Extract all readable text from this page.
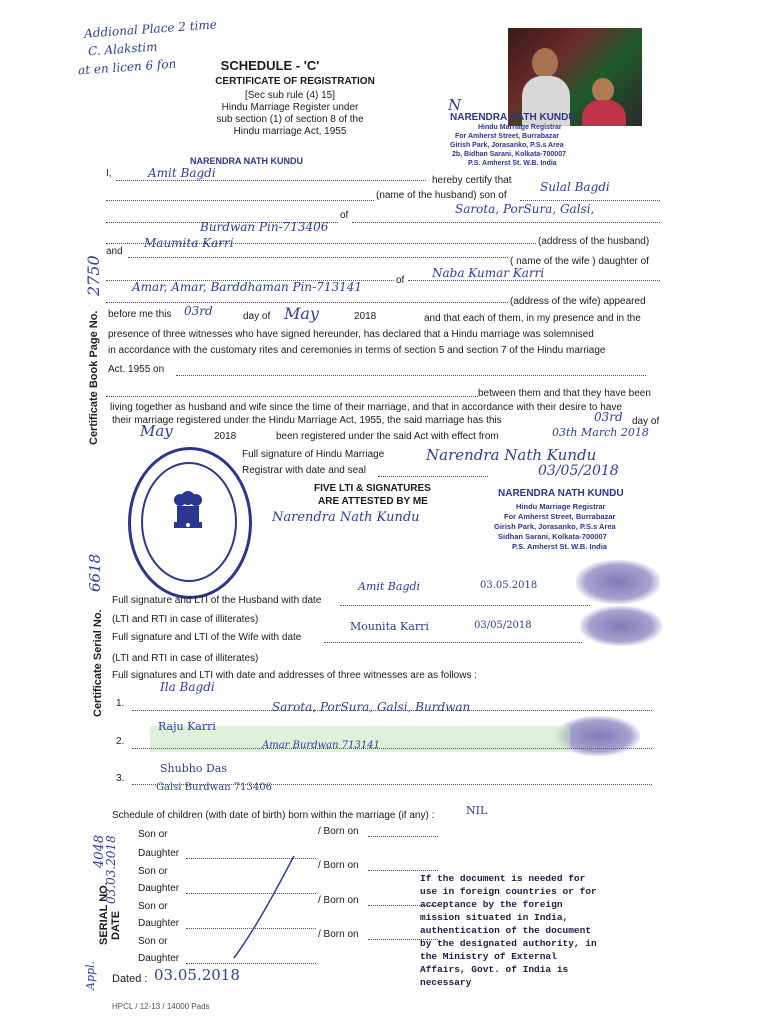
Addional Place 2 time
C. Alakstim
at en licen 6 fon	SCHEDULE - 'C'
CERTIFICATE OF REGISTRATION
[Sec sub rule (4) 15]
Hindu Marriage Register under
sub section (1) of section 8 of the
Hindu marriage Act, 1955
N
NARENDRA NATH KUNDU
Hindu Marriage Registrar
For Amherst Street, Burrabazar
Girish Park, Jorasanko, P.S.s Area
2b, Bidhan Sarani, Kolkata-700007
P.S. Amherst St. W.B. India
NARENDRA NATH KUNDU
I,	Amit Bagdi
hereby certify that Sulal Bagdi
(name of the husband) son of
of	Sarota, PorSura, Galsi,
Burdwan Pin-713406
(address of the husband)
and
Maumita Karri
( name of the wife ) daughter of
of
Naba Kumar Karri
Amar, Amar, Barddhaman Pin-713141
(address of the wife) appeared
before me this 03rd	day of May	2018	and that each of them, in my presence and in the
presence of three witnesses who have signed hereunder, has declared that a Hindu marriage was solemnised
in accordance with the customary rites and ceremonies in terms of section 5 and section 7 of the Hindu marriage
Act. 1955 on
between them and that they have been
living together as husband and wife since the time of their marriage, and that in accordance with their desire to have
their marriage registered under the Hindu Marriage Act, 1955, the said marriage has this	03rd day of
May	2018	been registered under the said Act with effect from	03th March 2018
Certificate Book Page No.
2750
Certificate Serial No.
6618
Full signature of Hindu Marriage
Registrar with date and seal
Narendra Nath Kundu
03/05/2018
FIVE LTI & SIGNATURES
ARE ATTESTED BY ME
Narendra Nath Kundu
NARENDRA NATH KUNDU
Hindu Marriage Registrar
For Amherst Street, Burrabazar
Girish Park, Jorasanko, P.S.s Area
Sidhan Sarani, Kolkata-700007
P.S. Amherst St. W.B. India
Full signature and LTI of the Husband with date
Amit Bagdi	03.05.2018
(LTI and RTI in case of illiterates)
Full signature and LTI of the Wife with date
Mounita Karri	03/05/2018
(LTI and RTI in case of illiterates)
Full signatures and LTI with date and addresses of three witnesses are as follows :
1.
Ila Bagdi
Sarota, PorSura, Galsi, Burdwan
2.
Raju Karri
Amar Burdwan 713141
3.
Shubho Das
Galsi Burdwan 713406
Schedule of children (with date of birth) born within the marriage (if any) :	NIL
Son or	/ Born on
Daughter
Son or
/ Born on
Daughter
Son or
/ Born on
Daughter
Son or
/ Born on
Daughter
SERIAL NO.
4048
DATE
03.03.2018
Appl.
If the document is needed for use in foreign countries or for acceptance by the foreign mission situated in India, authentication of the document by the designated authority, in the Ministry of External Affairs, Govt. of India is necessary
Dated : 03.05.2018
HPCL / 12-13 / 14000 Pads
